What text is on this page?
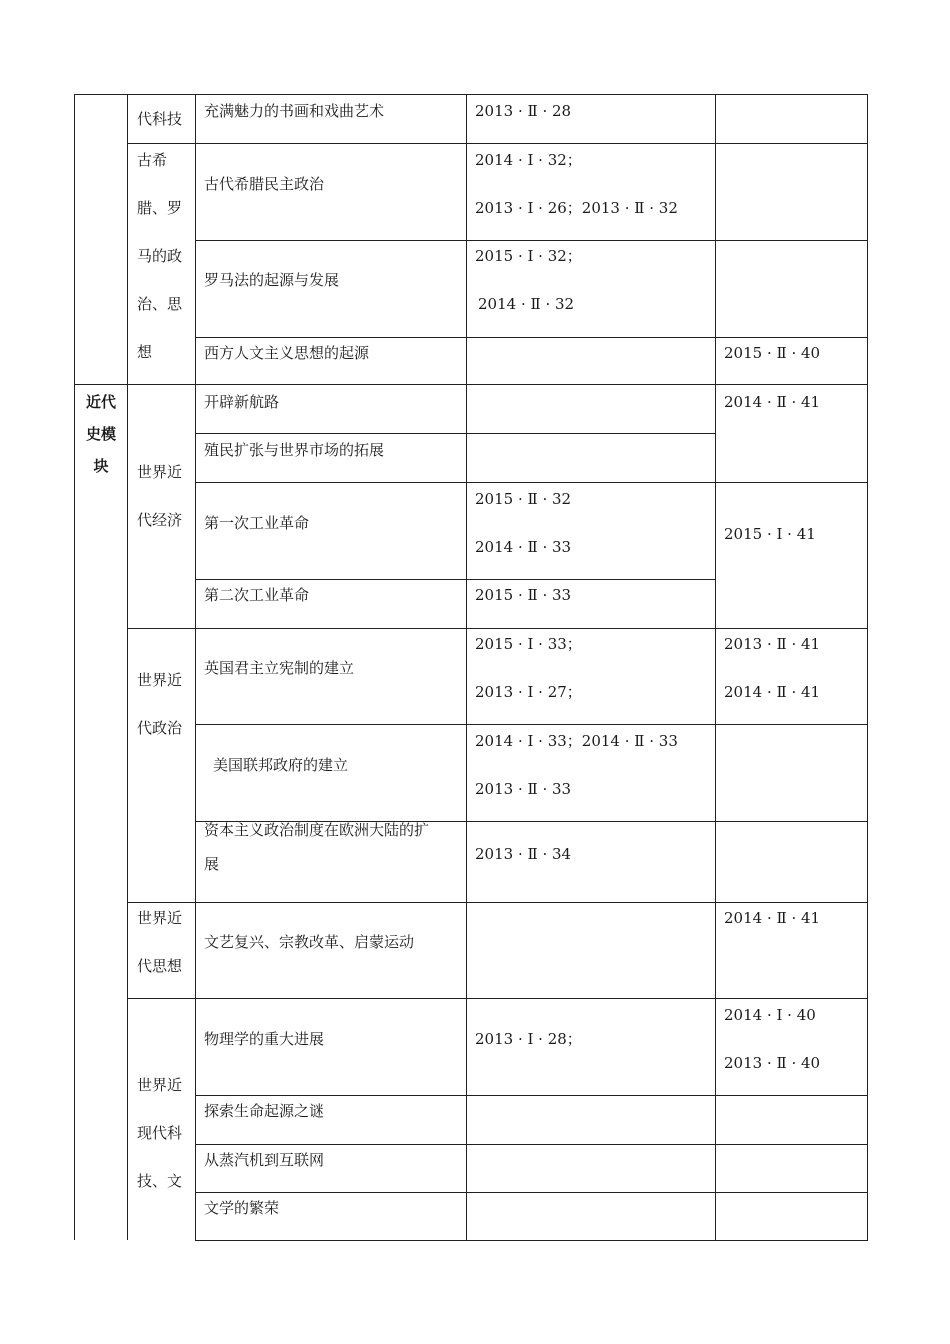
近代
史模
块
代科技
古希
腊、罗
马的政
治、思
想
世界近
代经济
世界近
代政治
世界近
代思想
世界近
现代科
技、文
充满魅力的书画和戏曲艺术
古代希腊民主政治
罗马法的起源与发展
西方人文主义思想的起源
开辟新航路
殖民扩张与世界市场的拓展
第一次工业革命
第二次工业革命
英国君主立宪制的建立
美国联邦政府的建立
资本主义政治制度在欧洲大陆的扩
展
文艺复兴、宗教改革、启蒙运动
物理学的重大进展
探索生命起源之谜
从蒸汽机到互联网
文学的繁荣
2013 · Ⅱ · 28
2014 · Ⅰ · 32；
2013 · Ⅰ · 26；2013 · Ⅱ · 32
2015 · Ⅰ · 32；
2014 · Ⅱ · 32
2015 · Ⅱ · 32
2014 · Ⅱ · 33
2015 · Ⅱ · 33
2015 · Ⅰ · 33；
2013 · Ⅰ · 27；
2014 · Ⅰ · 33；2014 · Ⅱ · 33
2013 · Ⅱ · 33
2013 · Ⅱ · 34
2013 · Ⅰ · 28；
2015 · Ⅱ · 40
2014 · Ⅱ · 41
2015 · Ⅰ · 41
2013 · Ⅱ · 41
2014 · Ⅱ · 41
2014 · Ⅱ · 41
2014 · Ⅰ · 40
2013 · Ⅱ · 40
